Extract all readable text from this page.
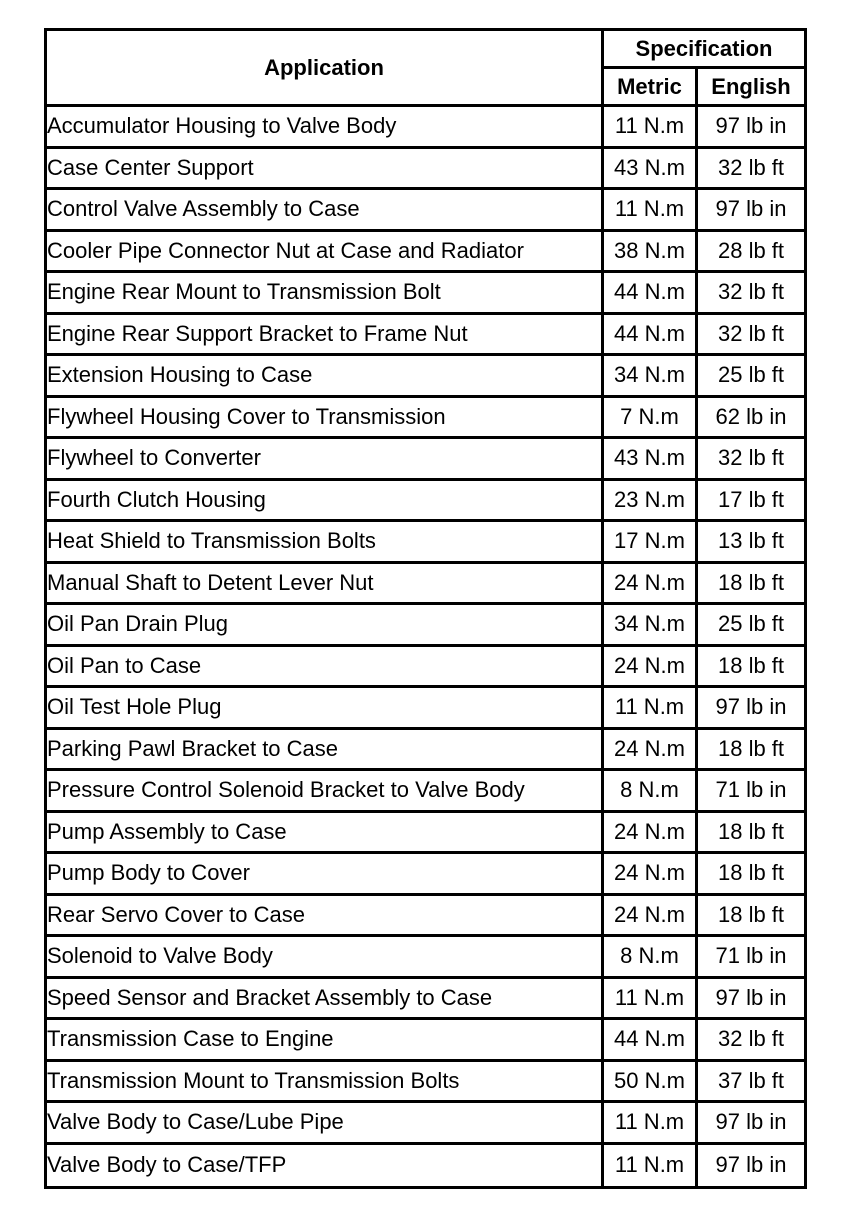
Application	Specification	
	Metric	English
Accumulator Housing to Valve Body	11 N.m	97 lb in
Case Center Support	43 N.m	32 lb ft
Control Valve Assembly to Case	11 N.m	97 lb in
Cooler Pipe Connector Nut at Case and Radiator	38 N.m	28 lb ft
Engine Rear Mount to Transmission Bolt	44 N.m	32 lb ft
Engine Rear Support Bracket to Frame Nut	44 N.m	32 lb ft
Extension Housing to Case	34 N.m	25 lb ft
Flywheel Housing Cover to Transmission	7 N.m	62 lb in
Flywheel to Converter	43 N.m	32 lb ft
Fourth Clutch Housing	23 N.m	17 lb ft
Heat Shield to Transmission Bolts	17 N.m	13 lb ft
Manual Shaft to Detent Lever Nut	24 N.m	18 lb ft
Oil Pan Drain Plug	34 N.m	25 lb ft
Oil Pan to Case	24 N.m	18 lb ft
Oil Test Hole Plug	11 N.m	97 lb in
Parking Pawl Bracket to Case	24 N.m	18 lb ft
Pressure Control Solenoid Bracket to Valve Body	8 N.m	71 lb in
Pump Assembly to Case	24 N.m	18 lb ft
Pump Body to Cover	24 N.m	18 lb ft
Rear Servo Cover to Case	24 N.m	18 lb ft
Solenoid to Valve Body	8 N.m	71 lb in
Speed Sensor and Bracket Assembly to Case	11 N.m	97 lb in
Transmission Case to Engine	44 N.m	32 lb ft
Transmission Mount to Transmission Bolts	50 N.m	37 lb ft
Valve Body to Case/Lube Pipe	11 N.m	97 lb in
Valve Body to Case/TFP	11 N.m	97 lb in
